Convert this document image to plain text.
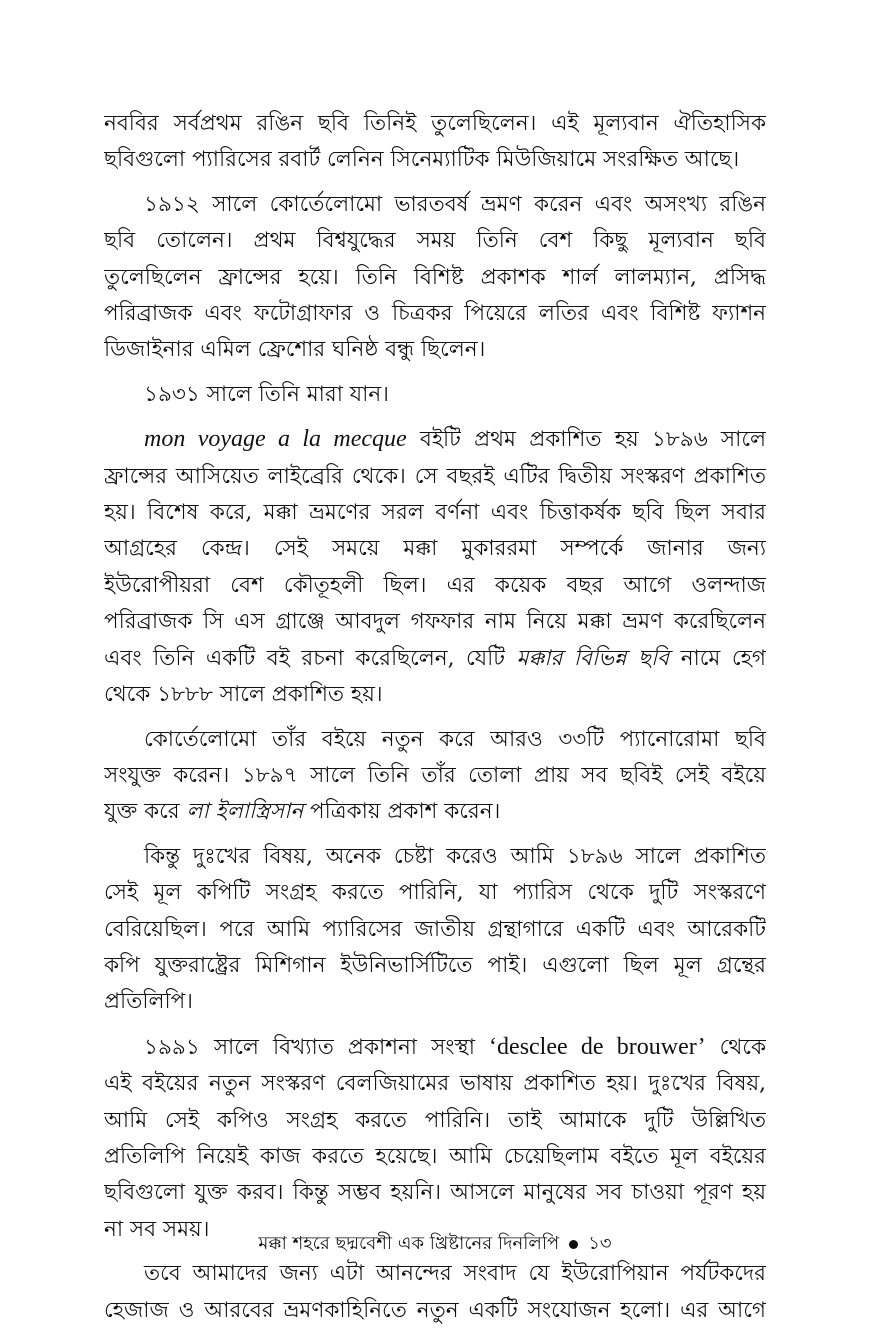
নববির সর্বপ্রথম রঙিন ছবি তিনিই তুলেছিলেন। এই মূল্যবান ঐতিহাসিক
ছবিগুলো প্যারিসের রবার্ট লেনিন সিনেম্যাটিক মিউজিয়ামে সংরক্ষিত আছে।

১৯১২ সালে কোর্তেলোমো ভারতবর্ষ ভ্রমণ করেন এবং অসংখ্য রঙিন
ছবি তোলেন। প্রথম বিশ্বযুদ্ধের সময় তিনি বেশ কিছু মূল্যবান ছবি
তুলেছিলেন ফ্রান্সের হয়ে। তিনি বিশিষ্ট প্রকাশক শার্ল লালম্যান, প্রসিদ্ধ
পরিব্রাজক এবং ফটোগ্রাফার ও চিত্রকর পিয়েরে লতির এবং বিশিষ্ট ফ্যাশন
ডিজাইনার এমিল ফ্রেশোর ঘনিষ্ঠ বন্ধু ছিলেন।

১৯৩১ সালে তিনি মারা যান।

mon voyage a la mecque বইটি প্রথম প্রকাশিত হয় ১৮৯৬ সালে
ফ্রান্সের আসিয়েত লাইব্রেরি থেকে। সে বছরই এটির দ্বিতীয় সংস্করণ প্রকাশিত
হয়। বিশেষ করে, মক্কা ভ্রমণের সরল বর্ণনা এবং চিত্তাকর্ষক ছবি ছিল সবার
আগ্রহের কেন্দ্র। সেই সময়ে মক্কা মুকাররমা সম্পর্কে জানার জন্য
ইউরোপীয়রা বেশ কৌতূহলী ছিল। এর কয়েক বছর আগে ওলন্দাজ
পরিব্রাজক সি এস গ্রাঞ্জে আবদুল গফফার নাম নিয়ে মক্কা ভ্রমণ করেছিলেন
এবং তিনি একটি বই রচনা করেছিলেন, যেটি মক্কার বিভিন্ন ছবি নামে হেগ
থেকে ১৮৮৮ সালে প্রকাশিত হয়।

কোর্তেলোমো তাঁর বইয়ে নতুন করে আরও ৩৩টি প্যানোরোমা ছবি
সংযুক্ত করেন। ১৮৯৭ সালে তিনি তাঁর তোলা প্রায় সব ছবিই সেই বইয়ে
যুক্ত করে লা ইলাস্ত্রিসান পত্রিকায় প্রকাশ করেন।

কিন্তু দুঃখের বিষয়, অনেক চেষ্টা করেও আমি ১৮৯৬ সালে প্রকাশিত
সেই মূল কপিটি সংগ্রহ করতে পারিনি, যা প্যারিস থেকে দুটি সংস্করণে
বেরিয়েছিল। পরে আমি প্যারিসের জাতীয় গ্রন্থাগারে একটি এবং আরেকটি
কপি যুক্তরাষ্ট্রের মিশিগান ইউনিভার্সিটিতে পাই। এগুলো ছিল মূল গ্রন্থের
প্রতিলিপি।

১৯৯১ সালে বিখ্যাত প্রকাশনা সংস্থা ‘desclee de brouwer’ থেকে
এই বইয়ের নতুন সংস্করণ বেলজিয়ামের ভাষায় প্রকাশিত হয়। দুঃখের বিষয়,
আমি সেই কপিও সংগ্রহ করতে পারিনি। তাই আমাকে দুটি উল্লিখিত
প্রতিলিপি নিয়েই কাজ করতে হয়েছে। আমি চেয়েছিলাম বইতে মূল বইয়ের
ছবিগুলো যুক্ত করব। কিন্তু সম্ভব হয়নি। আসলে মানুষের সব চাওয়া পূরণ হয়
না সব সময়।

তবে আমাদের জন্য এটা আনন্দের সংবাদ যে ইউরোপিয়ান পর্যটকদের
হেজাজ ও আরবের ভ্রমণকাহিনিতে নতুন একটি সংযোজন হলো। এর আগে

মক্কা শহরে ছদ্মবেশী এক খ্রিষ্টানের দিনলিপি ১৩
